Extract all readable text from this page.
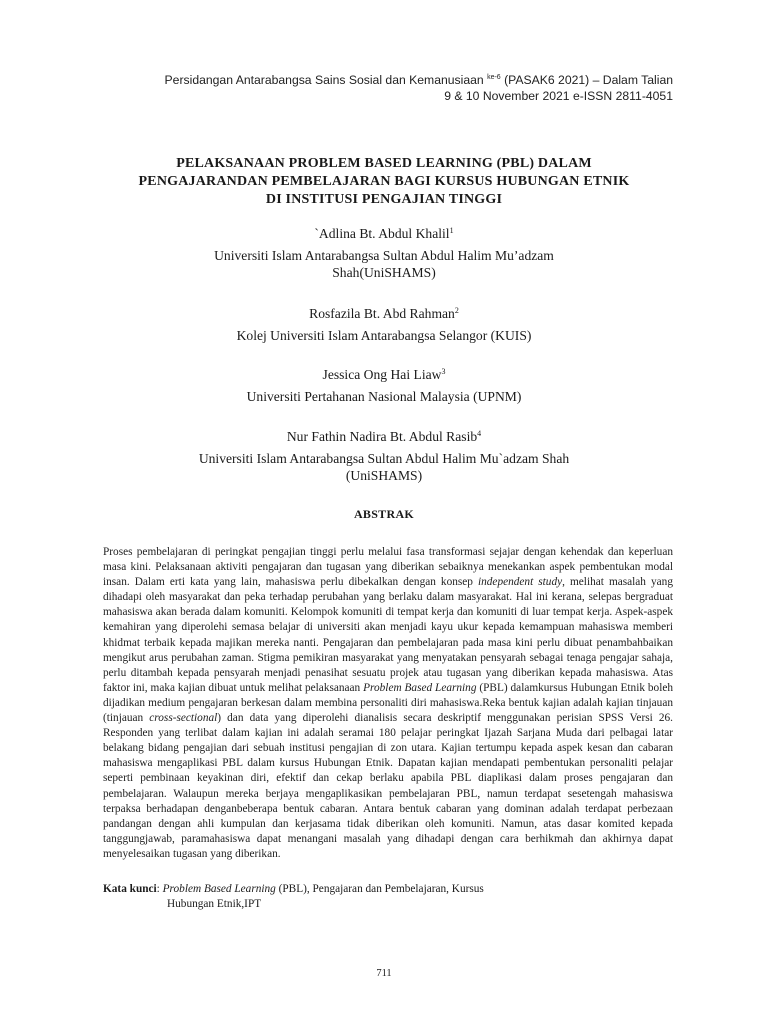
Persidangan Antarabangsa Sains Sosial dan Kemanusiaan $^{ke-6}$ (PASAK6 2021) – Dalam Talian
9 & 10 November 2021 e-ISSN 2811-4051
PELAKSANAAN PROBLEM BASED LEARNING (PBL) DALAM
PENGAJARANDAN PEMBELAJARAN BAGI KURSUS HUBUNGAN ETNIK
DI INSTITUSI PENGAJIAN TINGGI
`Adlina Bt. Abdul Khalil$^1$
Universiti Islam Antarabangsa Sultan Abdul Halim Mu’adzam
Shah(UniSHAMS)
Rosfazila Bt. Abd Rahman$^2$
Kolej Universiti Islam Antarabangsa Selangor (KUIS)
Jessica Ong Hai Liaw$^3$
Universiti Pertahanan Nasional Malaysia (UPNM)
Nur Fathin Nadira Bt. Abdul Rasib$^4$
Universiti Islam Antarabangsa Sultan Abdul Halim Mu`adzam Shah
(UniSHAMS)
ABSTRAK

Proses pembelajaran di peringkat pengajian tinggi perlu melalui fasa transformasi sejajar dengan kehendak dan keperluan masa kini. Pelaksanaan aktiviti pengajaran dan tugasan yang diberikan sebaiknya menekankan aspek pembentukan modal insan. Dalam erti kata yang lain, mahasiswa perlu dibekalkan dengan konsep independent study, melihat masalah yang dihadapi oleh masyarakat dan peka terhadap perubahan yang berlaku dalam masyarakat. Hal ini kerana, selepas bergraduat mahasiswa akan berada dalam komuniti. Kelompok komuniti di tempat kerja dan komuniti di luar tempat kerja. Aspek-aspek kemahiran yang diperolehi semasa belajar di universiti akan menjadi kayu ukur kepada kemampuan mahasiswa memberi khidmat terbaik kepada majikan mereka nanti. Pengajaran dan pembelajaran pada masa kini perlu dibuat penambahbaikan mengikut arus perubahan zaman. Stigma pemikiran masyarakat yang menyatakan pensyarah sebagai tenaga pengajar sahaja, perlu ditambah kepada pensyarah menjadi penasihat sesuatu projek atau tugasan yang diberikan kepada mahasiswa. Atas faktor ini, maka kajian dibuat untuk melihat pelaksanaan Problem Based Learning (PBL) dalamkursus Hubungan Etnik boleh dijadikan medium pengajaran berkesan dalam membina personaliti diri mahasiswa.Reka bentuk kajian adalah kajian tinjauan (tinjauan cross-sectional) dan data yang diperolehi dianalisis secara deskriptif menggunakan perisian SPSS Versi 26. Responden yang terlibat dalam kajian ini adalah seramai 180 pelajar peringkat Ijazah Sarjana Muda dari pelbagai latar belakang bidang pengajian dari sebuah institusi pengajian di zon utara. Kajian tertumpu kepada aspek kesan dan cabaran mahasiswa mengaplikasi PBL dalam kursus Hubungan Etnik. Dapatan kajian mendapati pembentukan personaliti pelajar seperti pembinaan keyakinan diri, efektif dan cekap berlaku apabila PBL diaplikasi dalam proses pengajaran dan pembelajaran. Walaupun mereka berjaya mengaplikasikan pembelajaran PBL, namun terdapat sesetengah mahasiswa terpaksa berhadapan denganbeberapa bentuk cabaran. Antara bentuk cabaran yang dominan adalah terdapat perbezaan pandangan dengan ahli kumpulan dan kerjasama tidak diberikan oleh komuniti. Namun, atas dasar komited kepada tanggungjawab, paramahasiswa dapat menangani masalah yang dihadapi dengan cara berhikmah dan akhirnya dapat menyelesaikan tugasan yang diberikan.

Kata kunci: Problem Based Learning (PBL), Pengajaran dan Pembelajaran, Kursus
Hubungan Etnik,IPT
711
